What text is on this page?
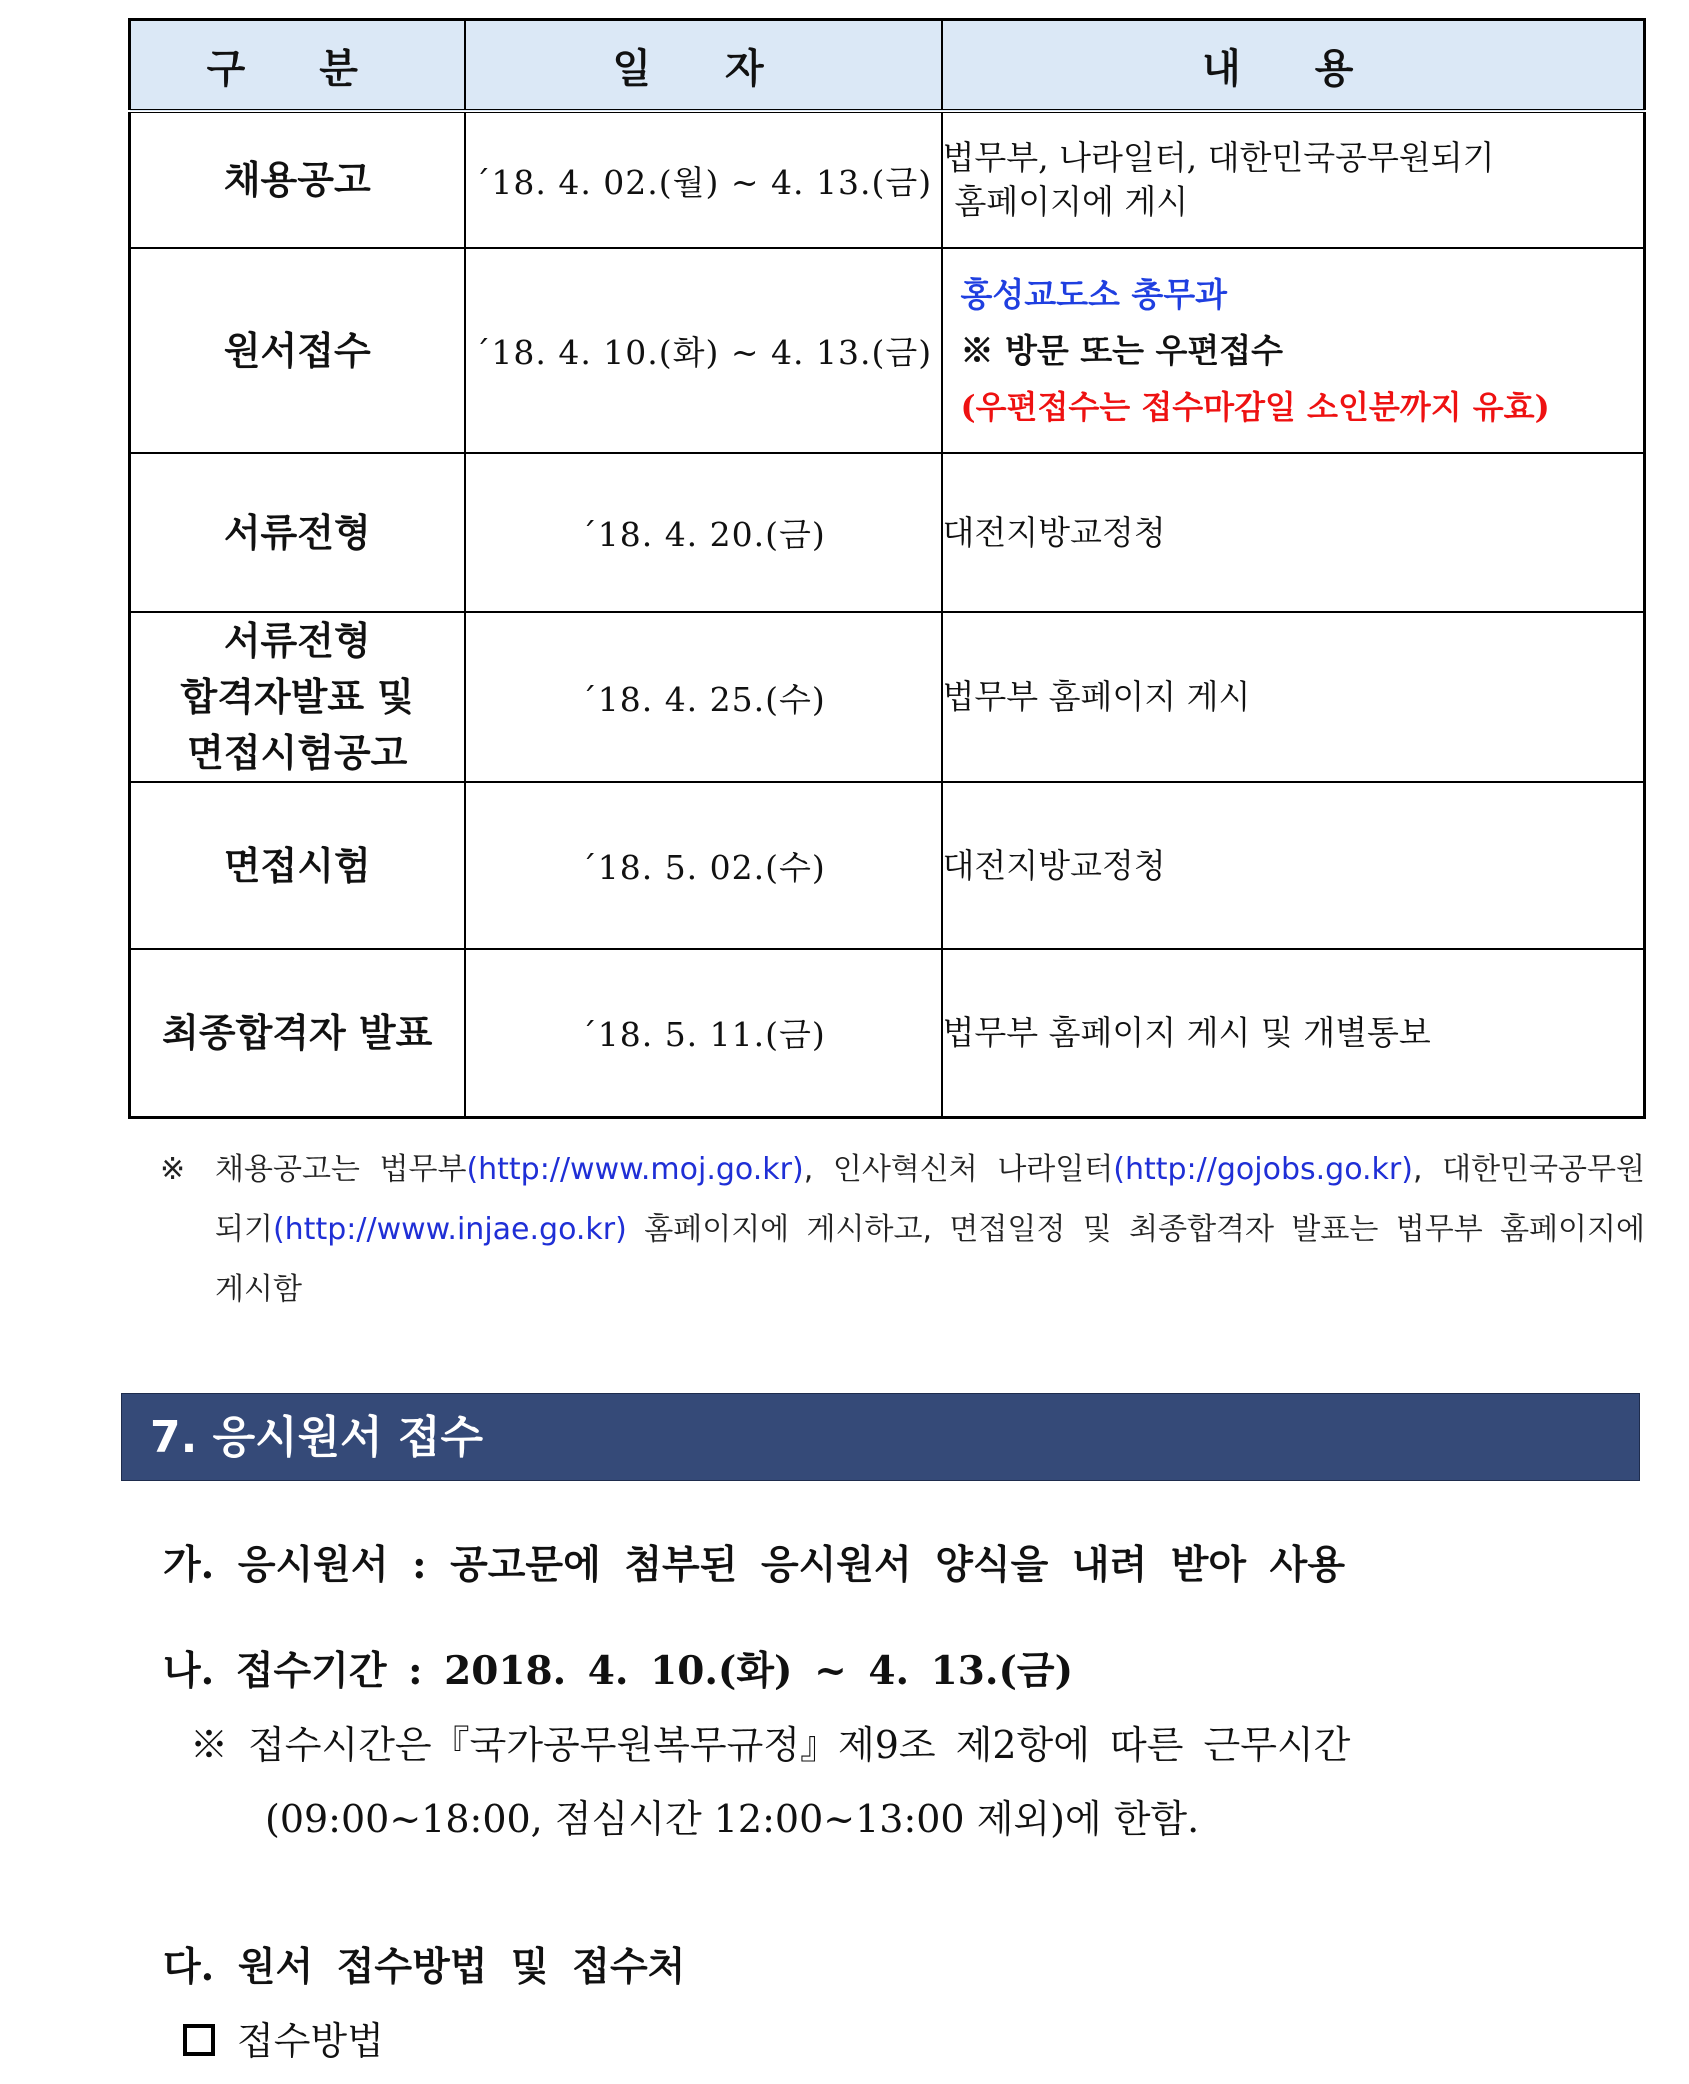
구 분	일 자	내 용
채용공고	´18. 4. 02.(월) ~ 4. 13.(금)	법무부, 나라일터, 대한민국공무원되기
홈페이지에 게시

원서접수	´18. 4. 10.(화) ~ 4. 13.(금)	홍성교도소 총무과
※ 방문 또는 우편접수
(우편접수는 접수마감일 소인분까지 유효)

서류전형	´18. 4. 20.(금)	대전지방교정청

서류전형
합격자발표 및
면접시험공고	´18. 4. 25.(수)	법무부 홈페이지 게시

면접시험	´18. 5. 02.(수)	대전지방교정청

최종합격자 발표	´18. 5. 11.(금)	법무부 홈페이지 게시 및 개별통보
※ 채용공고는 법무부(http://www.moj.go.kr), 인사혁신처 나라일터(http://gojobs.go.kr), 대한민국공무원되기(http://www.injae.go.kr) 홈페이지에 게시하고, 면접일정 및 최종합격자 발표는 법무부 홈페이지에 게시함
7. 응시원서 접수
가. 응시원서 : 공고문에 첨부된 응시원서 양식을 내려 받아 사용
나. 접수기간 : 2018. 4. 10.(화) ~ 4. 13.(금)
※ 접수시간은『국가공무원복무규정』제9조 제2항에 따른 근무시간
(09:00∼18:00, 점심시간 12:00~13:00 제외)에 한함.
다. 원서 접수방법 및 접수처
접수방법
